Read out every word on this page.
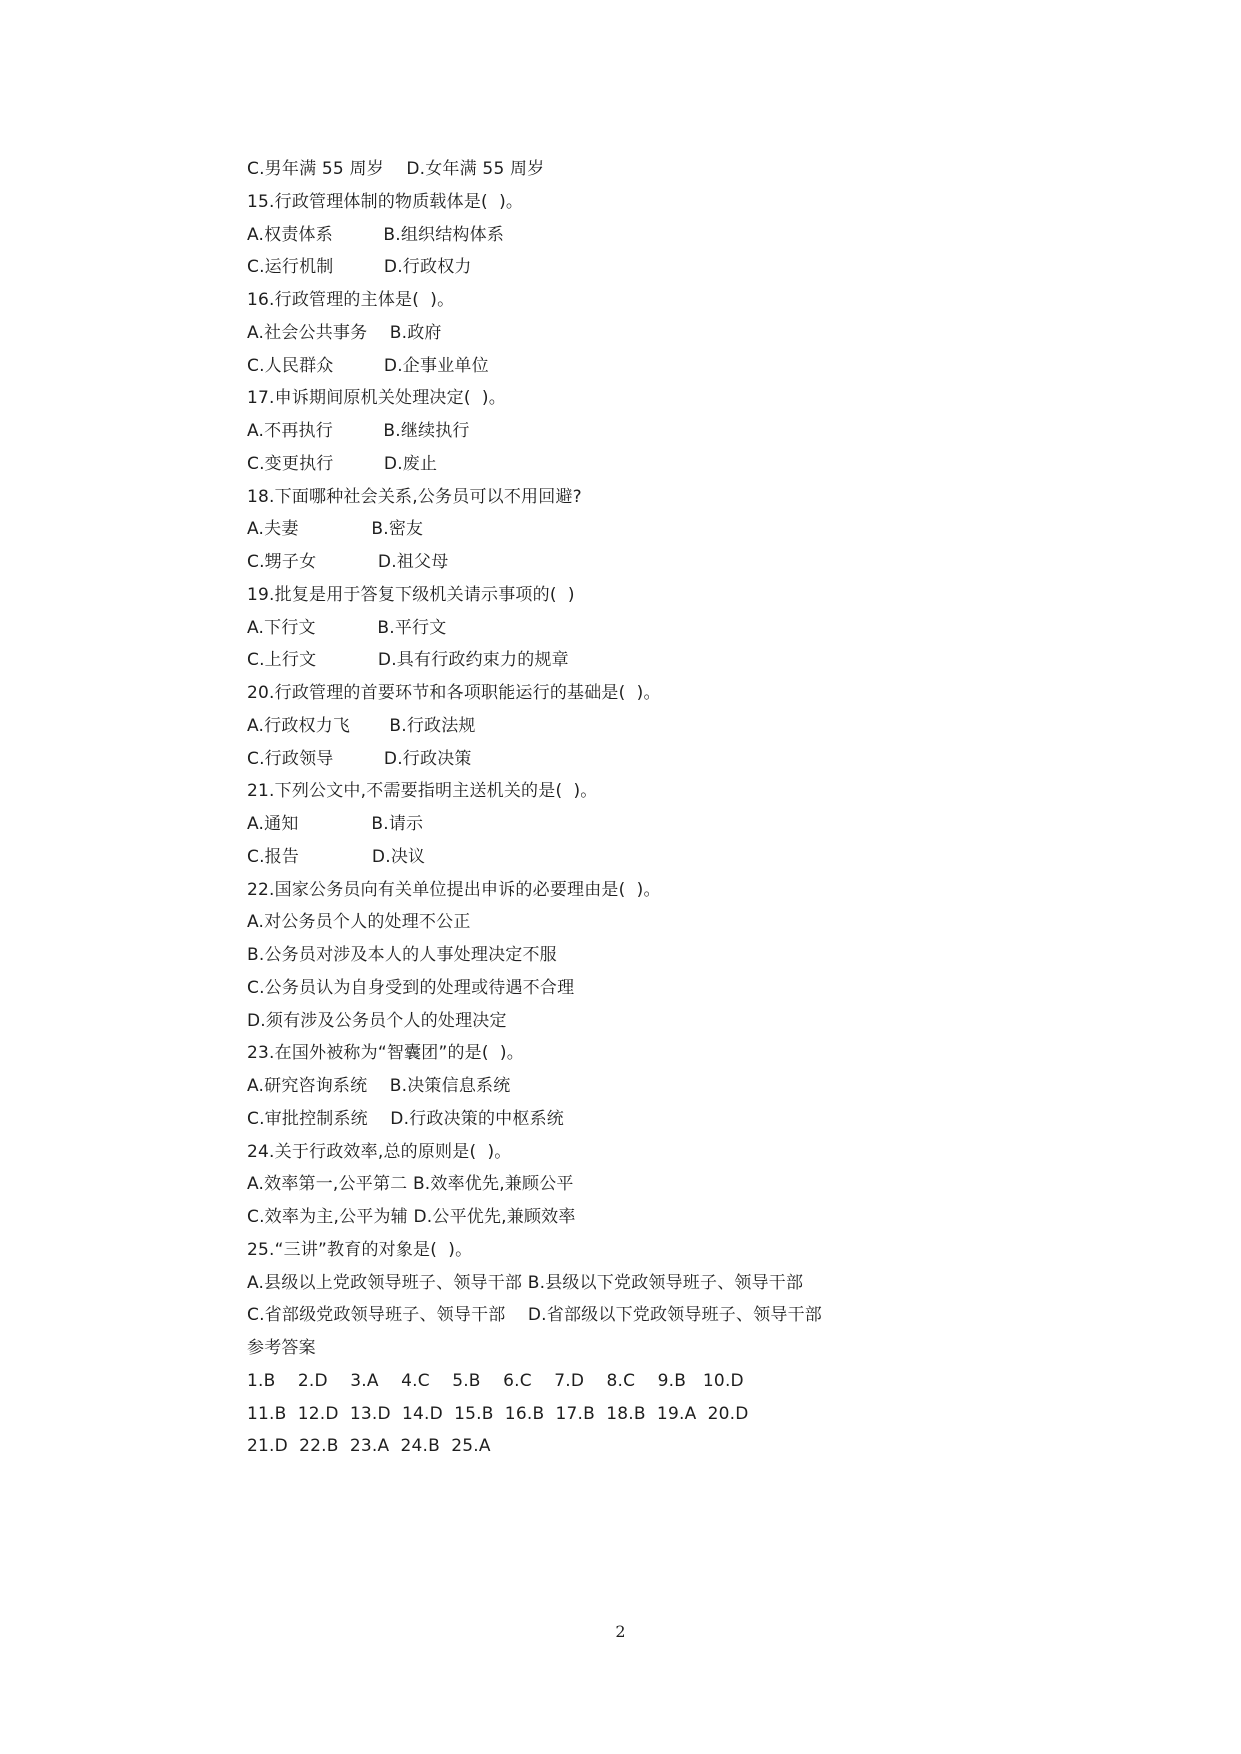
C.男年满 55 周岁    D.女年满 55 周岁
15.行政管理体制的物质载体是(  )。
A.权责体系         B.组织结构体系
C.运行机制         D.行政权力
16.行政管理的主体是(  )。
A.社会公共事务    B.政府
C.人民群众         D.企事业单位
17.申诉期间原机关处理决定(  )。
A.不再执行         B.继续执行
C.变更执行         D.废止
18.下面哪种社会关系,公务员可以不用回避?
A.夫妻             B.密友
C.甥子女           D.祖父母
19.批复是用于答复下级机关请示事项的(  )
A.下行文           B.平行文
C.上行文           D.具有行政约束力的规章
20.行政管理的首要环节和各项职能运行的基础是(  )。
A.行政权力飞       B.行政法规
C.行政领导         D.行政决策
21.下列公文中,不需要指明主送机关的是(  )。
A.通知             B.请示
C.报告             D.决议
22.国家公务员向有关单位提出申诉的必要理由是(  )。
A.对公务员个人的处理不公正
B.公务员对涉及本人的人事处理决定不服
C.公务员认为自身受到的处理或待遇不合理
D.须有涉及公务员个人的处理决定
23.在国外被称为“智囊团”的是(  )。
A.研究咨询系统    B.决策信息系统
C.审批控制系统    D.行政决策的中枢系统
24.关于行政效率,总的原则是(  )。
A.效率第一,公平第二 B.效率优先,兼顾公平
C.效率为主,公平为辅 D.公平优先,兼顾效率
25.“三讲”教育的对象是(  )。
A.县级以上党政领导班子、领导干部 B.县级以下党政领导班子、领导干部
C.省部级党政领导班子、领导干部    D.省部级以下党政领导班子、领导干部
参考答案
1.B    2.D    3.A    4.C    5.B    6.C    7.D    8.C    9.B   10.D
11.B  12.D  13.D  14.D  15.B  16.B  17.B  18.B  19.A  20.D
21.D  22.B  23.A  24.B  25.A
2
